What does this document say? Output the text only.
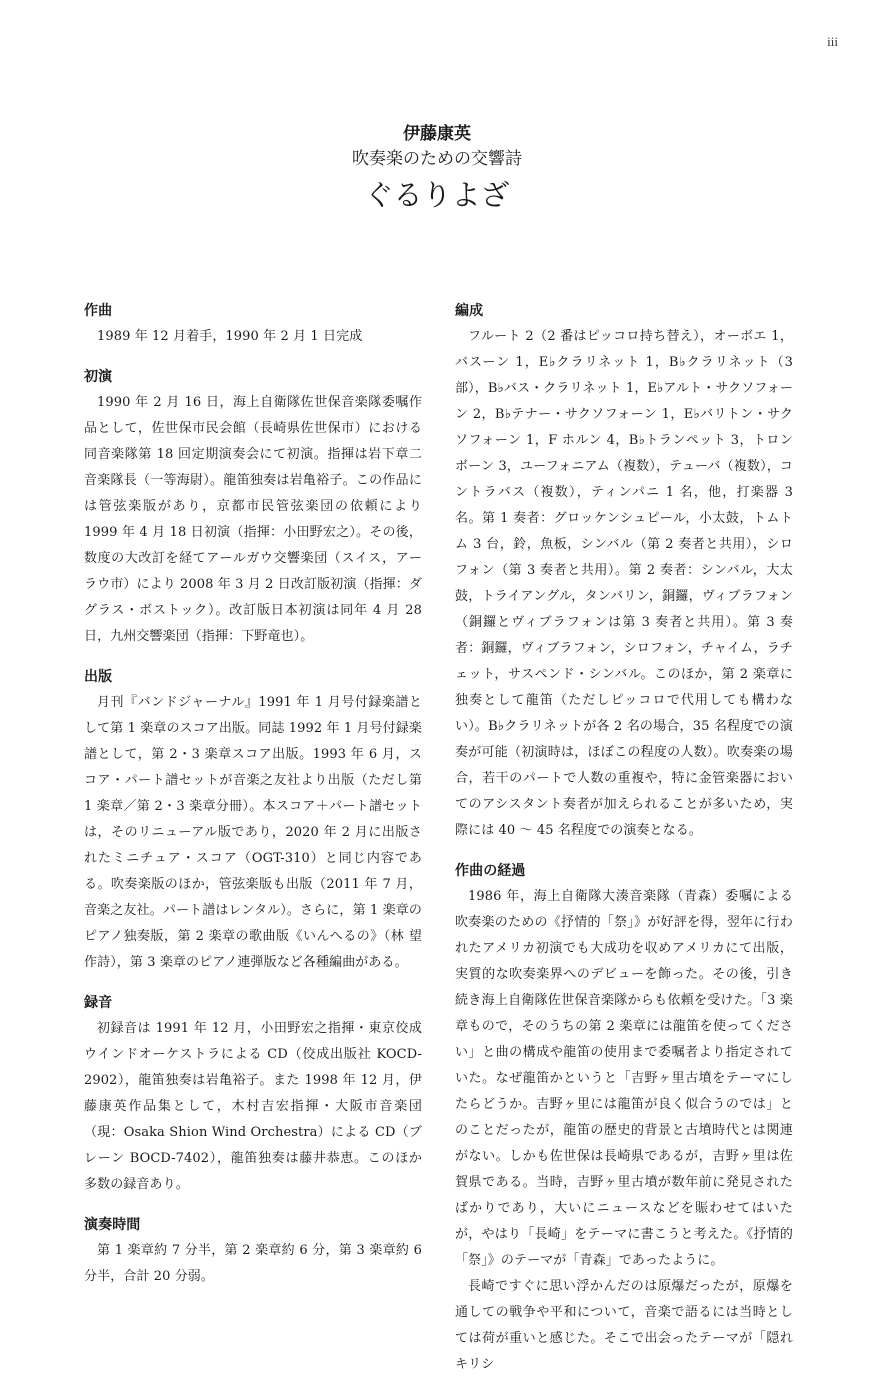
iii

伊藤康英

吹奏楽のための交響詩

ぐるりよざ
作曲

1989 年 12 月着手，1990 年 2 月 1 日完成

初演

1990 年 2 月 16 日，海上自衛隊佐世保音楽隊委嘱作品として，佐世保市民会館（長崎県佐世保市）における同音楽隊第 18 回定期演奏会にて初演。指揮は岩下章二音楽隊長（一等海尉）。龍笛独奏は岩亀裕子。この作品には管弦楽版があり，京都市民管弦楽団の依頼により 1999 年 4 月 18 日初演（指揮：小田野宏之）。その後，数度の大改訂を経てアールガウ交響楽団（スイス，アーラウ市）により 2008 年 3 月 2 日改訂版初演（指揮：ダグラス・ボストック）。改訂版日本初演は同年 4 月 28 日，九州交響楽団（指揮：下野竜也）。

出版

月刊『バンドジャーナル』1991 年 1 月号付録楽譜として第 1 楽章のスコア出版。同誌 1992 年 1 月号付録楽譜として，第 2・3 楽章スコア出版。1993 年 6 月，スコア・パート譜セットが音楽之友社より出版（ただし第 1 楽章／第 2・3 楽章分冊）。本スコア＋パート譜セットは，そのリニューアル版であり，2020 年 2 月に出版されたミニチュア・スコア（OGT-310）と同じ内容である。吹奏楽版のほか，管弦楽版も出版（2011 年 7 月，音楽之友社。パート譜はレンタル）。さらに，第 1 楽章のピアノ独奏版，第 2 楽章の歌曲版《いんへるの》（林 望作詩），第 3 楽章のピアノ連弾版など各種編曲がある。

録音

初録音は 1991 年 12 月，小田野宏之指揮・東京佼成ウインドオーケストラによる CD（佼成出版社 KOCD-2902），龍笛独奏は岩亀裕子。また 1998 年 12 月，伊藤康英作品集として，木村吉宏指揮・大阪市音楽団（現：Osaka Shion Wind Orchestra）による CD（ブレーン BOCD-7402），龍笛独奏は藤井恭恵。このほか多数の録音あり。

演奏時間

第 1 楽章約 7 分半，第 2 楽章約 6 分，第 3 楽章約 6 分半，合計 20 分弱。

編成

フルート 2（2 番はピッコロ持ち替え），オーボエ 1，バスーン 1，E♭クラリネット 1，B♭クラリネット（3 部），B♭バス・クラリネット 1，E♭アルト・サクソフォーン 2，B♭テナー・サクソフォーン 1，E♭バリトン・サクソフォーン 1，F ホルン 4，B♭トランペット 3，トロンボーン 3，ユーフォニアム（複数），テューバ（複数），コントラバス（複数），ティンパニ 1 名，他，打楽器 3 名。第 1 奏者：グロッケンシュピール，小太鼓，トムトム 3 台，鈴，魚板，シンバル（第 2 奏者と共用），シロフォン（第 3 奏者と共用）。第 2 奏者：シンバル，大太鼓，トライアングル，タンバリン，銅鑼，ヴィブラフォン（銅鑼とヴィブラフォンは第 3 奏者と共用）。第 3 奏者：銅鑼，ヴィブラフォン，シロフォン，チャイム，ラチェット，サスペンド・シンバル。このほか，第 2 楽章に独奏として龍笛（ただしピッコロで代用しても構わない）。B♭クラリネットが各 2 名の場合，35 名程度での演奏が可能（初演時は，ほぼこの程度の人数）。吹奏楽の場合，若干のパートで人数の重複や，特に金管楽器においてのアシスタント奏者が加えられることが多いため，実際には 40 〜 45 名程度での演奏となる。

作曲の経過

1986 年，海上自衛隊大湊音楽隊（青森）委嘱による吹奏楽のための《抒情的「祭」》が好評を得，翌年に行われたアメリカ初演でも大成功を収めアメリカにて出版，実質的な吹奏楽界へのデビューを飾った。その後，引き続き海上自衛隊佐世保音楽隊からも依頼を受けた。「3 楽章もので，そのうちの第 2 楽章には龍笛を使ってください」と曲の構成や龍笛の使用まで委嘱者より指定されていた。なぜ龍笛かというと「吉野ヶ里古墳をテーマにしたらどうか。吉野ヶ里には龍笛が良く似合うのでは」とのことだったが，龍笛の歴史的背景と古墳時代とは関連がない。しかも佐世保は長崎県であるが，吉野ヶ里は佐賀県である。当時，吉野ヶ里古墳が数年前に発見されたばかりであり，大いにニュースなどを賑わせてはいたが，やはり「長崎」をテーマに書こうと考えた。《抒情的「祭」》のテーマが「青森」であったように。

長崎ですぐに思い浮かんだのは原爆だったが，原爆を通しての戦争や平和について，音楽で語るには当時としては荷が重いと感じた。そこで出会ったテーマが「隠れキリシ
